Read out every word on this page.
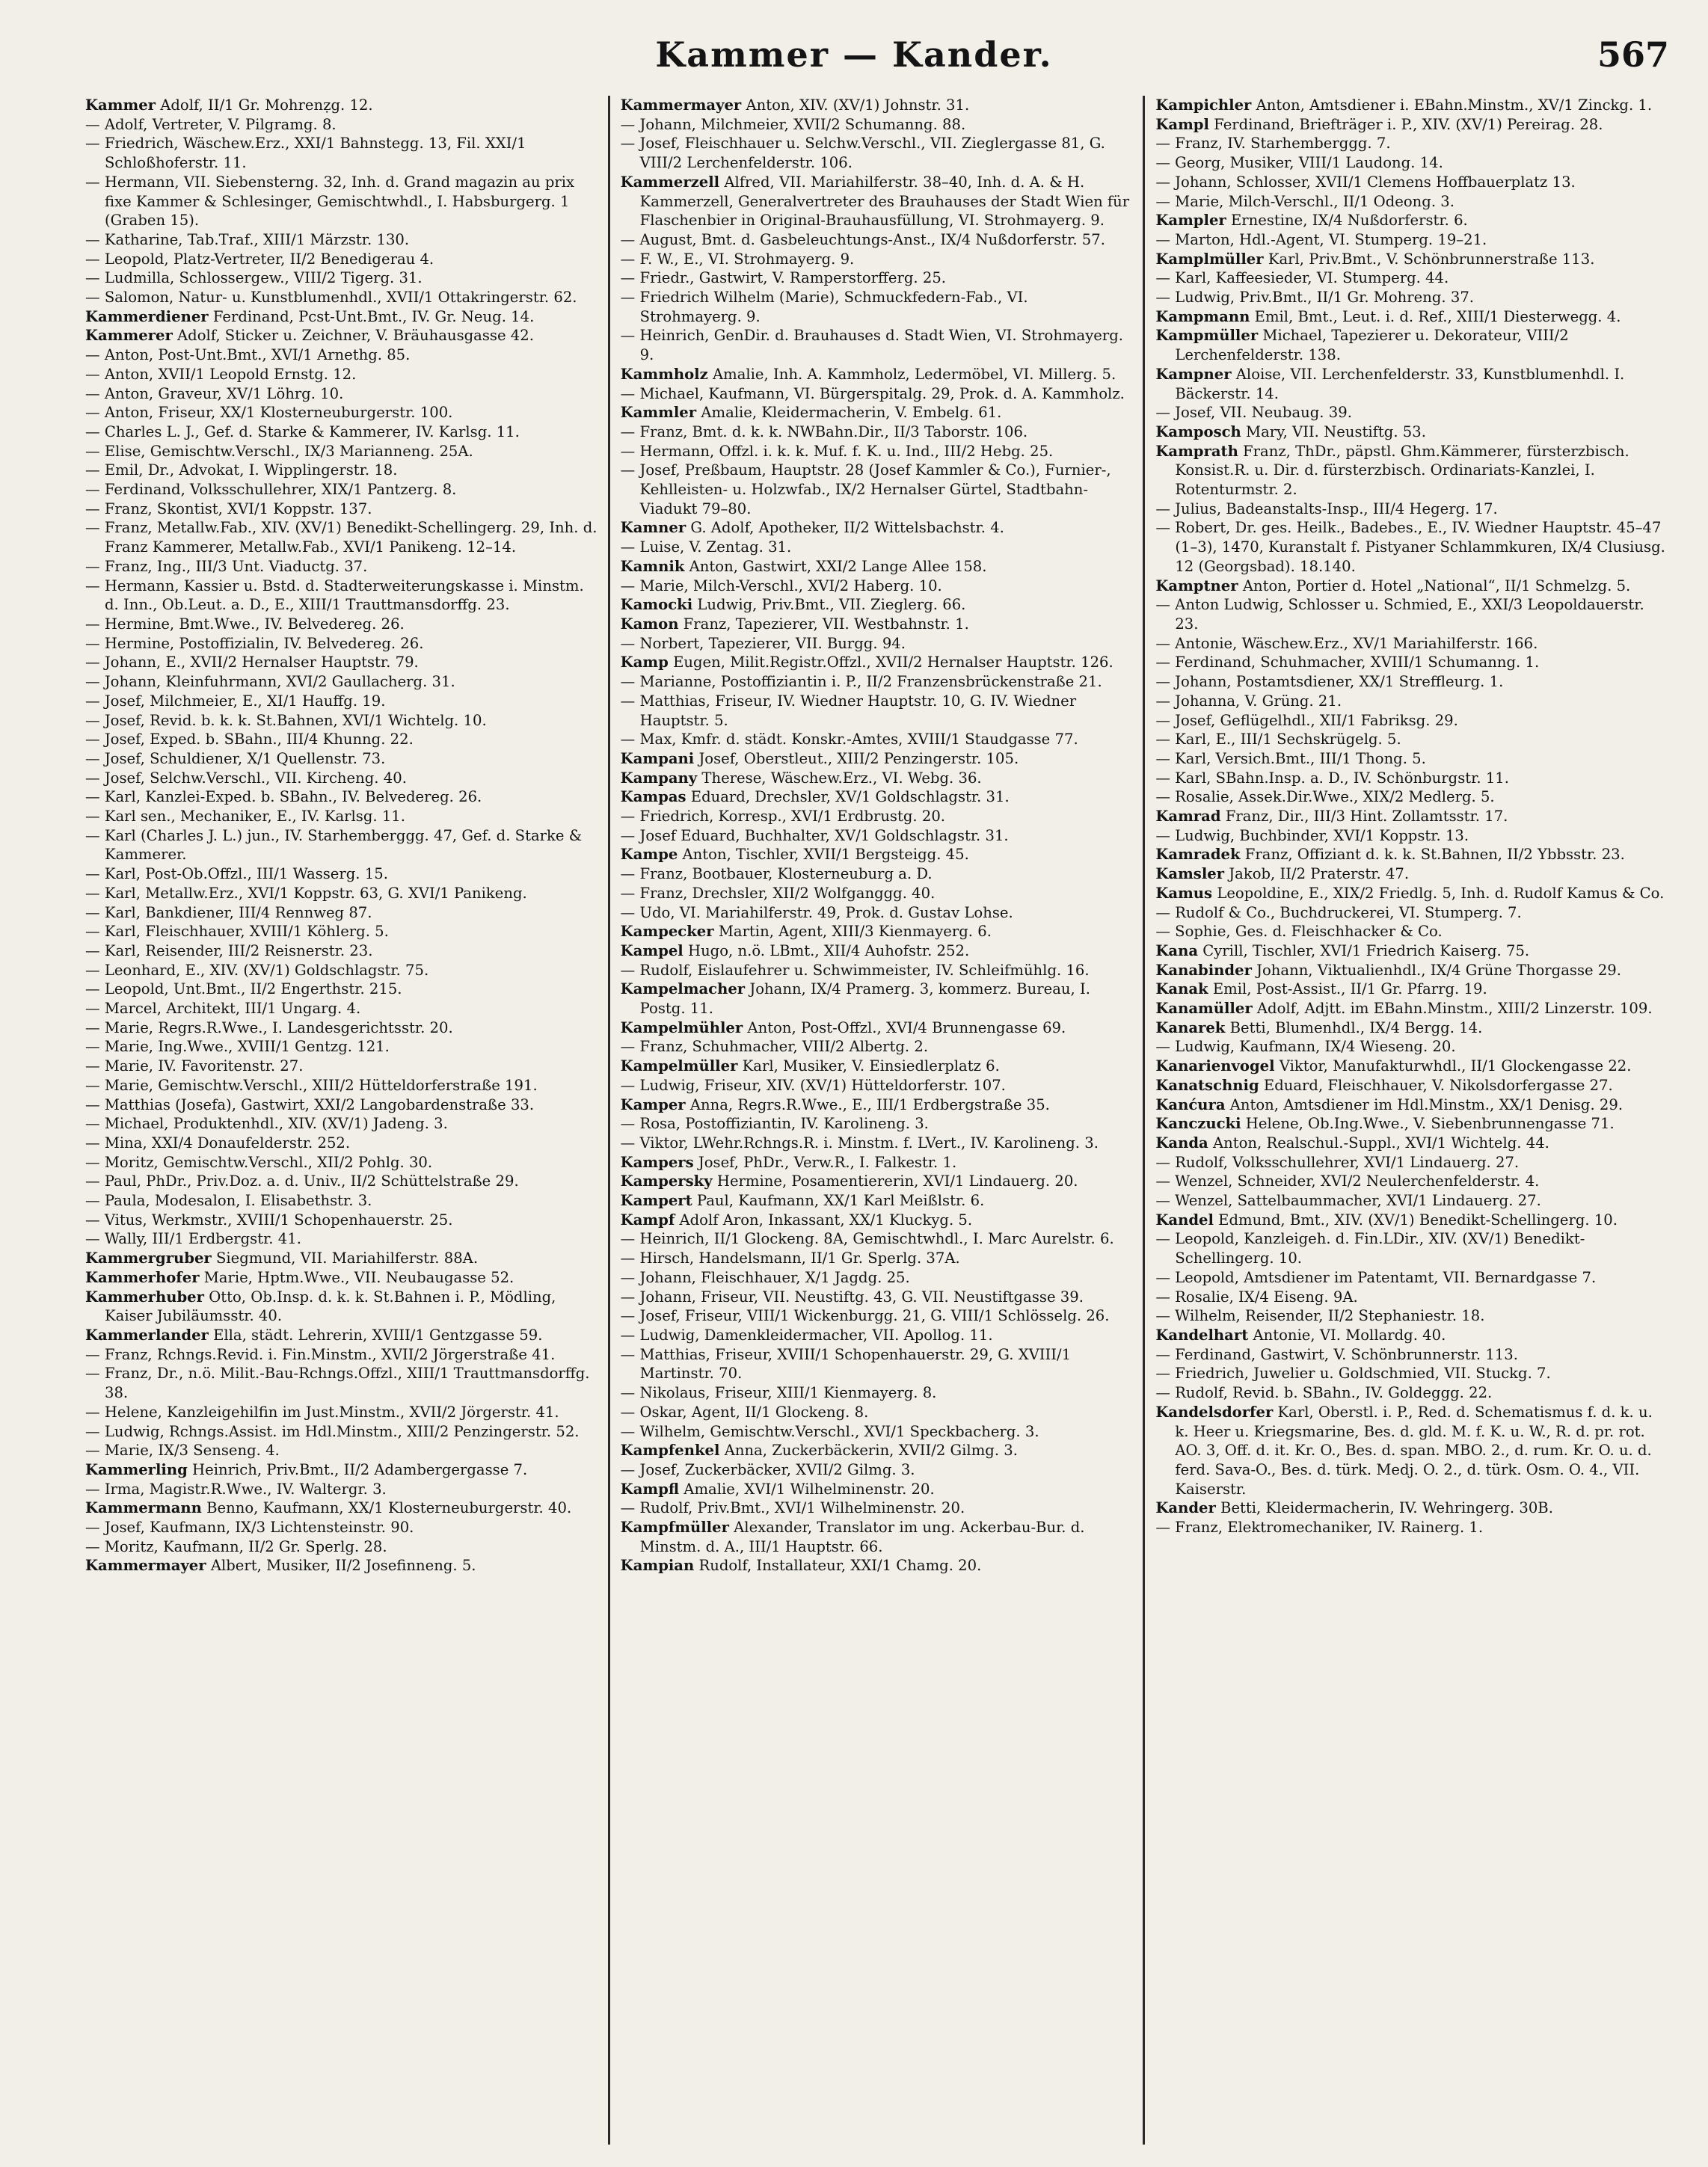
Kammer — Kander.	567

Kammer Adolf, II/1 Gr. Mohrenẓg. 12.

— Adolf, Vertreter, V. Pilgramg. 8.

— Friedrich, Wäschew.Erz., XXI/1 Bahnstegg. 13, Fil. XXI/1 Schloßhoferstr. 11.

— Hermann, VII. Siebensterng. 32, Inh. d. Grand magazin au prix fixe Kammer & Schlesinger, Gemischtwhdl., I. Habsburgerg. 1 (Graben 15).

— Katharine, Tab.Traf., XIII/1 Märzstr. 130.

— Leopold, Platz-Vertreter, II/2 Benedigerau 4.

— Ludmilla, Schlossergew., VIII/2 Tigerg. 31.

— Salomon, Natur- u. Kunstblumenhdl., XVII/1 Ottakringerstr. 62.

Kammerdiener Ferdinand, Pcst-Unt.Bmt., IV. Gr. Neug. 14.

Kammerer Adolf, Sticker u. Zeichner, V. Bräuhausgasse 42.

— Anton, Post-Unt.Bmt., XVI/1 Arnethg. 85.

— Anton, XVII/1 Leopold Ernstg. 12.

— Anton, Graveur, XV/1 Löhrg. 10.

— Anton, Friseur, XX/1 Klosterneuburgerstr. 100.

— Charles L. J., Gef. d. Starke & Kammerer, IV. Karlsg. 11.

— Elise, Gemischtw.Verschl., IX/3 Marianneng. 25A.

— Emil, Dr., Advokat, I. Wipplingerstr. 18.

— Ferdinand, Volksschullehrer, XIX/1 Pantzerg. 8.

— Franz, Skontist, XVI/1 Koppstr. 137.

— Franz, Metallw.Fab., XIV. (XV/1) Benedikt-Schellingerg. 29, Inh. d. Franz Kammerer, Metallw.Fab., XVI/1 Panikeng. 12–14.

— Franz, Ing., III/3 Unt. Viaductg. 37.

— Hermann, Kassier u. Bstd. d. Stadterweiterungskasse i. Minstm. d. Inn., Ob.Leut. a. D., E., XIII/1 Trauttmansdorffg. 23.

— Hermine, Bmt.Wwe., IV. Belvedereg. 26.

— Hermine, Postoffizialin, IV. Belvedereg. 26.

— Johann, E., XVII/2 Hernalser Hauptstr. 79.

— Johann, Kleinfuhrmann, XVI/2 Gaullacherg. 31.

— Josef, Milchmeier, E., XI/1 Hauffg. 19.

— Josef, Revid. b. k. k. St.Bahnen, XVI/1 Wichtelg. 10.

— Josef, Exped. b. SBahn., III/4 Khunng. 22.

— Josef, Schuldiener, X/1 Quellenstr. 73.

— Josef, Selchw.Verschl., VII. Kircheng. 40.

— Karl, Kanzlei-Exped. b. SBahn., IV. Belvedereg. 26.

— Karl sen., Mechaniker, E., IV. Karlsg. 11.

— Karl (Charles J. L.) jun., IV. Starhemberggg. 47, Gef. d. Starke & Kammerer.

— Karl, Post-Ob.Offzl., III/1 Wasserg. 15.

— Karl, Metallw.Erz., XVI/1 Koppstr. 63, G. XVI/1 Panikeng.

— Karl, Bankdiener, III/4 Rennweg 87.

— Karl, Fleischhauer, XVIII/1 Köhlerg. 5.

— Karl, Reisender, III/2 Reisnerstr. 23.

— Leonhard, E., XIV. (XV/1) Goldschlagstr. 75.

— Leopold, Unt.Bmt., II/2 Engerthstr. 215.

— Marcel, Architekt, III/1 Ungarg. 4.

— Marie, Regrs.R.Wwe., I. Landesgerichtsstr. 20.

— Marie, Ing.Wwe., XVIII/1 Gentzg. 121.

— Marie, IV. Favoritenstr. 27.

— Marie, Gemischtw.Verschl., XIII/2 Hütteldorferstraße 191.

— Matthias (Josefa), Gastwirt, XXI/2 Langobardenstraße 33.

— Michael, Produktenhdl., XIV. (XV/1) Jadeng. 3.

— Mina, XXI/4 Donaufelderstr. 252.

— Moritz, Gemischtw.Verschl., XII/2 Pohlg. 30.

— Paul, PhDr., Priv.Doz. a. d. Univ., II/2 Schüttelstraße 29.

— Paula, Modesalon, I. Elisabethstr. 3.

— Vitus, Werkmstr., XVIII/1 Schopenhauerstr. 25.

— Wally, III/1 Erdbergstr. 41.

Kammergruber Siegmund, VII. Mariahilferstr. 88A.

Kammerhofer Marie, Hptm.Wwe., VII. Neubaugasse 52.

Kammerhuber Otto, Ob.Insp. d. k. k. St.Bahnen i. P., Mödling, Kaiser Jubiläumsstr. 40.

Kammerlander Ella, städt. Lehrerin, XVIII/1 Gentzgasse 59.

— Franz, Rchngs.Revid. i. Fin.Minstm., XVII/2 Jörgerstraße 41.

— Franz, Dr., n.ö. Milit.-Bau-Rchngs.Offzl., XIII/1 Trauttmansdorffg. 38.

— Helene, Kanzleigehilfin im Just.Minstm., XVII/2 Jörgerstr. 41.

— Ludwig, Rchngs.Assist. im Hdl.Minstm., XIII/2 Penzingerstr. 52.

— Marie, IX/3 Senseng. 4.

Kammerling Heinrich, Priv.Bmt., II/2 Adambergergasse 7.

— Irma, Magistr.R.Wwe., IV. Waltergr. 3.

Kammermann Benno, Kaufmann, XX/1 Klosterneuburgerstr. 40.

— Josef, Kaufmann, IX/3 Lichtensteinstr. 90.

— Moritz, Kaufmann, II/2 Gr. Sperlg. 28.

Kammermayer Albert, Musiker, II/2 Josefinneng. 5.

Kammermayer Anton, XIV. (XV/1) Johnstr. 31.

— Johann, Milchmeier, XVII/2 Schumanng. 88.

— Josef, Fleischhauer u. Selchw.Verschl., VII. Zieglergasse 81, G. VIII/2 Lerchenfelderstr. 106.

Kammerzell Alfred, VII. Mariahilferstr. 38–40, Inh. d. A. & H. Kammerzell, Generalvertreter des Brauhauses der Stadt Wien für Flaschenbier in Original-Brauhausfüllung, VI. Strohmayerg. 9.

— August, Bmt. d. Gasbeleuchtungs-Anst., IX/4 Nußdorferstr. 57.

— F. W., E., VI. Strohmayerg. 9.

— Friedr., Gastwirt, V. Ramperstorfferg. 25.

— Friedrich Wilhelm (Marie), Schmuckfedern-Fab., VI. Strohmayerg. 9.

— Heinrich, GenDir. d. Brauhauses d. Stadt Wien, VI. Strohmayerg. 9.

Kammholz Amalie, Inh. A. Kammholz, Ledermöbel, VI. Millerg. 5.

— Michael, Kaufmann, VI. Bürgerspitalg. 29, Prok. d. A. Kammholz.

Kammler Amalie, Kleidermacherin, V. Embelg. 61.

— Franz, Bmt. d. k. k. NWBahn.Dir., II/3 Taborstr. 106.

— Hermann, Offzl. i. k. k. Muf. f. K. u. Ind., III/2 Hebg. 25.

— Josef, Preßbaum, Hauptstr. 28 (Josef Kammler & Co.), Furnier-, Kehlleisten- u. Holzwfab., IX/2 Hernalser Gürtel, Stadtbahn-Viadukt 79–80.

Kamner G. Adolf, Apotheker, II/2 Wittelsbachstr. 4.

— Luise, V. Zentag. 31.

Kamnik Anton, Gastwirt, XXI/2 Lange Allee 158.

— Marie, Milch-Verschl., XVI/2 Haberg. 10.

Kamocki Ludwig, Priv.Bmt., VII. Zieglerg. 66.

Kamon Franz, Tapezierer, VII. Westbahnstr. 1.

— Norbert, Tapezierer, VII. Burgg. 94.

Kamp Eugen, Milit.Registr.Offzl., XVII/2 Hernalser Hauptstr. 126.

— Marianne, Postoffiziantin i. P., II/2 Franzensbrückenstraße 21.

— Matthias, Friseur, IV. Wiedner Hauptstr. 10, G. IV. Wiedner Hauptstr. 5.

— Max, Kmfr. d. städt. Konskr.-Amtes, XVIII/1 Staudgasse 77.

Kampani Josef, Oberstleut., XIII/2 Penzingerstr. 105.

Kampany Therese, Wäschew.Erz., VI. Webg. 36.

Kampas Eduard, Drechsler, XV/1 Goldschlagstr. 31.

— Friedrich, Korresp., XVI/1 Erdbrustg. 20.

— Josef Eduard, Buchhalter, XV/1 Goldschlagstr. 31.

Kampe Anton, Tischler, XVII/1 Bergsteigg. 45.

— Franz, Bootbauer, Klosterneuburg a. D.

— Franz, Drechsler, XII/2 Wolfganggg. 40.

— Udo, VI. Mariahilferstr. 49, Prok. d. Gustav Lohse.

Kampecker Martin, Agent, XIII/3 Kienmayerg. 6.

Kampel Hugo, n.ö. LBmt., XII/4 Auhofstr. 252.

— Rudolf, Eislaufehrer u. Schwimmeister, IV. Schleifmühlg. 16.

Kampelmacher Johann, IX/4 Pramerg. 3, kommerz. Bureau, I. Postg. 11.

Kampelmühler Anton, Post-Offzl., XVI/4 Brunnengasse 69.

— Franz, Schuhmacher, VIII/2 Albertg. 2.

Kampelmüller Karl, Musiker, V. Einsiedlerplatz 6.

— Ludwig, Friseur, XIV. (XV/1) Hütteldorferstr. 107.

Kamper Anna, Regrs.R.Wwe., E., III/1 Erdbergstraße 35.

— Rosa, Postoffiziantin, IV. Karolineng. 3.

— Viktor, LWehr.Rchngs.R. i. Minstm. f. LVert., IV. Karolineng. 3.

Kampers Josef, PhDr., Verw.R., I. Falkestr. 1.

Kampersky Hermine, Posamentiererin, XVI/1 Lindauerg. 20.

Kampert Paul, Kaufmann, XX/1 Karl Meißlstr. 6.

Kampf Adolf Aron, Inkassant, XX/1 Kluckyg. 5.

— Heinrich, II/1 Glockeng. 8A, Gemischtwhdl., I. Marc Aurelstr. 6.

— Hirsch, Handelsmann, II/1 Gr. Sperlg. 37A.

— Johann, Fleischhauer, X/1 Jagdg. 25.

— Johann, Friseur, VII. Neustiftg. 43, G. VII. Neustiftgasse 39.

— Josef, Friseur, VIII/1 Wickenburgg. 21, G. VIII/1 Schlösselg. 26.

— Ludwig, Damenkleidermacher, VII. Apollog. 11.

— Matthias, Friseur, XVIII/1 Schopenhauerstr. 29, G. XVIII/1 Martinstr. 70.

— Nikolaus, Friseur, XIII/1 Kienmayerg. 8.

— Oskar, Agent, II/1 Glockeng. 8.

— Wilhelm, Gemischtw.Verschl., XVI/1 Speckbacherg. 3.

Kampfenkel Anna, Zuckerbäckerin, XVII/2 Gilmg. 3.

— Josef, Zuckerbäcker, XVII/2 Gilmg. 3.

Kampfl Amalie, XVI/1 Wilhelminenstr. 20.

— Rudolf, Priv.Bmt., XVI/1 Wilhelminenstr. 20.

Kampfmüller Alexander, Translator im ung. Ackerbau-Bur. d. Minstm. d. A., III/1 Hauptstr. 66.

Kampian Rudolf, Installateur, XXI/1 Chamg. 20.

Kampichler Anton, Amtsdiener i. EBahn.Minstm., XV/1 Zinckg. 1.

Kampl Ferdinand, Briefträger i. P., XIV. (XV/1) Pereirag. 28.

— Franz, IV. Starhemberggg. 7.

— Georg, Musiker, VIII/1 Laudong. 14.

— Johann, Schlosser, XVII/1 Clemens Hoffbauerplatz 13.

— Marie, Milch-Verschl., II/1 Odeong. 3.

Kampler Ernestine, IX/4 Nußdorferstr. 6.

— Marton, Hdl.-Agent, VI. Stumperg. 19–21.

Kamplmüller Karl, Priv.Bmt., V. Schönbrunnerstraße 113.

— Karl, Kaffeesieder, VI. Stumperg. 44.

— Ludwig, Priv.Bmt., II/1 Gr. Mohreng. 37.

Kampmann Emil, Bmt., Leut. i. d. Ref., XIII/1 Diesterwegg. 4.

Kampmüller Michael, Tapezierer u. Dekorateur, VIII/2 Lerchenfelderstr. 138.

Kampner Aloise, VII. Lerchenfelderstr. 33, Kunstblumenhdl. I. Bäckerstr. 14.

— Josef, VII. Neubaug. 39.

Kamposch Mary, VII. Neustiftg. 53.

Kamprath Franz, ThDr., päpstl. Ghm.Kämmerer, fürsterzbisch. Konsist.R. u. Dir. d. fürsterzbisch. Ordinariats-Kanzlei, I. Rotenturmstr. 2.

— Julius, Badeanstalts-Insp., III/4 Hegerg. 17.

— Robert, Dr. ges. Heilk., Badebes., E., IV. Wiedner Hauptstr. 45–47 (1–3), 1470, Kuranstalt f. Pistyaner Schlammkuren, IX/4 Clusiusg. 12 (Georgsbad). 18.140.

Kamptner Anton, Portier d. Hotel „National“, II/1 Schmelzg. 5.

— Anton Ludwig, Schlosser u. Schmied, E., XXI/3 Leopoldauerstr. 23.

— Antonie, Wäschew.Erz., XV/1 Mariahilferstr. 166.

— Ferdinand, Schuhmacher, XVIII/1 Schumanng. 1.

— Johann, Postamtsdiener, XX/1 Streffleurg. 1.

— Johanna, V. Grüng. 21.

— Josef, Geflügelhdl., XII/1 Fabriksg. 29.

— Karl, E., III/1 Sechskrügelg. 5.

— Karl, Versich.Bmt., III/1 Thong. 5.

— Karl, SBahn.Insp. a. D., IV. Schönburgstr. 11.

— Rosalie, Assek.Dir.Wwe., XIX/2 Medlerg. 5.

Kamrad Franz, Dir., III/3 Hint. Zollamtsstr. 17.

— Ludwig, Buchbinder, XVI/1 Koppstr. 13.

Kamradek Franz, Offiziant d. k. k. St.Bahnen, II/2 Ybbsstr. 23.

Kamsler Jakob, II/2 Praterstr. 47.

Kamus Leopoldine, E., XIX/2 Friedlg. 5, Inh. d. Rudolf Kamus & Co.

— Rudolf & Co., Buchdruckerei, VI. Stumperg. 7.

— Sophie, Ges. d. Fleischhacker & Co.

Kana Cyrill, Tischler, XVI/1 Friedrich Kaiserg. 75.

Kanabinder Johann, Viktualienhdl., IX/4 Grüne Thorgasse 29.

Kanak Emil, Post-Assist., II/1 Gr. Pfarrg. 19.

Kanamüller Adolf, Adjtt. im EBahn.Minstm., XIII/2 Linzerstr. 109.

Kanarek Betti, Blumenhdl., IX/4 Bergg. 14.

— Ludwig, Kaufmann, IX/4 Wieseng. 20.

Kanarienvogel Viktor, Manufakturwhdl., II/1 Glockengasse 22.

Kanatschnig Eduard, Fleischhauer, V. Nikolsdorfergasse 27.

Kanćura Anton, Amtsdiener im Hdl.Minstm., XX/1 Denisg. 29.

Kanczucki Helene, Ob.Ing.Wwe., V. Siebenbrunnengasse 71.

Kanda Anton, Realschul.-Suppl., XVI/1 Wichtelg. 44.

— Rudolf, Volksschullehrer, XVI/1 Lindauerg. 27.

— Wenzel, Schneider, XVI/2 Neulerchenfelderstr. 4.

— Wenzel, Sattelbaummacher, XVI/1 Lindauerg. 27.

Kandel Edmund, Bmt., XIV. (XV/1) Benedikt-Schellingerg. 10.

— Leopold, Kanzleigeh. d. Fin.LDir., XIV. (XV/1) Benedikt-Schellingerg. 10.

— Leopold, Amtsdiener im Patentamt, VII. Bernardgasse 7.

— Rosalie, IX/4 Eiseng. 9A.

— Wilhelm, Reisender, II/2 Stephaniestr. 18.

Kandelhart Antonie, VI. Mollardg. 40.

— Ferdinand, Gastwirt, V. Schönbrunnerstr. 113.

— Friedrich, Juwelier u. Goldschmied, VII. Stuckg. 7.

— Rudolf, Revid. b. SBahn., IV. Goldeggg. 22.

Kandelsdorfer Karl, Oberstl. i. P., Red. d. Schematismus f. d. k. u. k. Heer u. Kriegsmarine, Bes. d. gld. M. f. K. u. W., R. d. pr. rot. AO. 3, Off. d. it. Kr. O., Bes. d. span. MBO. 2., d. rum. Kr. O. u. d. ferd. Sava-O., Bes. d. türk. Medj. O. 2., d. türk. Osm. O. 4., VII. Kaiserstr.

Kander Betti, Kleidermacherin, IV. Wehringerg. 30B.

— Franz, Elektromechaniker, IV. Rainerg. 1.
